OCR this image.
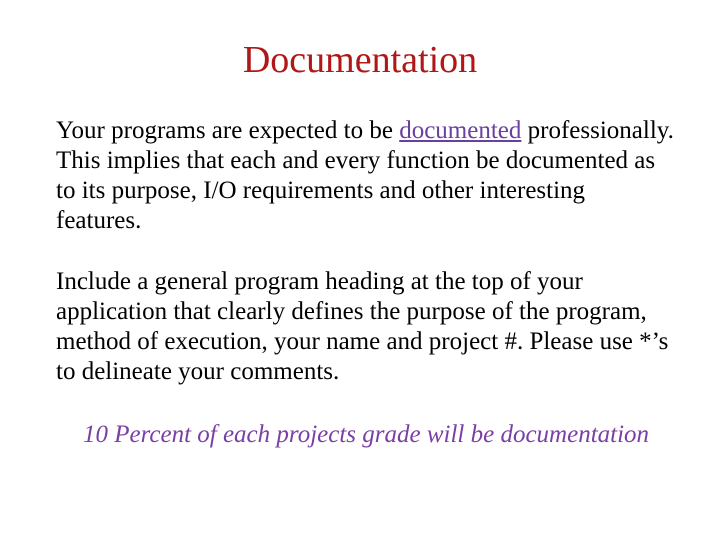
Documentation

Your programs are expected to be documented professionally. This implies that each and every function be documented as to its purpose, I/O requirements and other interesting features.

Include a general program heading at the top of your application that clearly defines the purpose of the program, method of execution, your name and project #. Please use *’s to delineate your comments.

10 Percent of each projects grade will be documentation
